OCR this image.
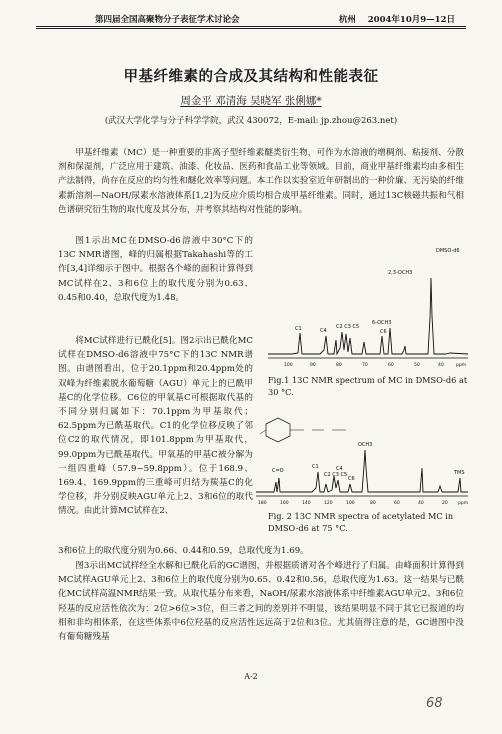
第四届全国高聚物分子表征学术讨论会	杭州 2004年10月9—12日
甲基纤维素的合成及其结构和性能表征
周金平 邓清海 吴晓军 张俐娜*
(武汉大学化学与分子科学学院，武汉 430072，E-mail: jp.zhou@263.net)
甲基纤维素（MC）是一种重要的非离子型纤维素醚类衍生物，可作为水溶液的增稠剂、粘接剂、分散剂和保湿剂，广泛应用于建筑、油漆、化妆品、医药和食品工业等领域。目前，商业甲基纤维素均由多相生产法制得，尚存在反应的均匀性和醚化效率等问题。本工作以实验室近年研制出的一种价廉、无污染的纤维素新溶剂—NaOH/尿素水溶液体系[1,2]为反应介质均相合成甲基纤维素。同时，通过13C核磁共振和气相色谱研究衍生物的取代度及其分布，并考察其结构对性能的影响。
图1示出MC在DMSO-d6溶液中30°C下的13C NMR谱图，峰的归属根据Takahashi等的工作[3,4]详细示于图中。根据各个峰的面积计算得到MC试样在2、3和6位上的取代度分别为0.63、0.45和0.40，总取代度为1.48。
将MC试样进行已酰化[5]。图2示出已酰化MC试样在DMSO-d6溶液中75°C下的13C NMR谱图。由谱图看出，位于20.1ppm和20.4ppm处的双峰为纤维素脱水葡萄糖（AGU）单元上的已酰甲基C的化学位移。C6位的甲氧基C可根据取代基的不同分别归属如下：70.1ppm为甲基取代；62.5ppm为已酰基取代。C1的化学位移反映了邻位C2的取代情况，即101.8ppm为甲基取代，99.0ppm为已酰基取代。甲氧基的甲基C被分解为一组四重峰（57.9~59.8ppm）。位于168.9、169.4、169.9ppm的三重峰可归结为羰基C的化学位移，并分别反映AGU单元上2、3和6位的取代情况。由此计算MC试样在2、
DMSO-d6
C1	C4
C2 C3 C5
6-OCH3
C6
2,3-OCH3
100	90	80	70	60	50	40	ppm
Fig.1 13C NMR spectrum of MC in DMSO-d6 at 30 °C.
C=O
C1	C4
C2 C3 C5
OCH3
C6
TMS
180	160	140	120	100	80	60	40	20 ppm
Fig. 2 13C NMR spectra of acetylated MC in DMSO-d6 at 75 °C.
3和6位上的取代度分别为0.66、0.44和0.59，总取代度为1.69。
图3示出MC试样经全水解和已酰化后的GC谱图，并根据质谱对各个峰进行了归属。由峰面积计算得到MC试样AGU单元上2、3和6位上的取代度分别为0.65、0.42和0.56，总取代度为1.63。这一结果与已酰化MC试样高温NMR结果一致。从取代基分布来看，NaOH/尿素水溶液体系中纤维素AGU单元2、3和6位羟基的反应活性依次为：2位>6位>3位，但三者之间的差别并不明显，该结果明显不同于其它已报道的均相和非均相体系，在这些体系中6位羟基的反应活性远远高于2位和3位。尤其值得注意的是，GC谱图中没有葡萄糖残基
A-2
68
